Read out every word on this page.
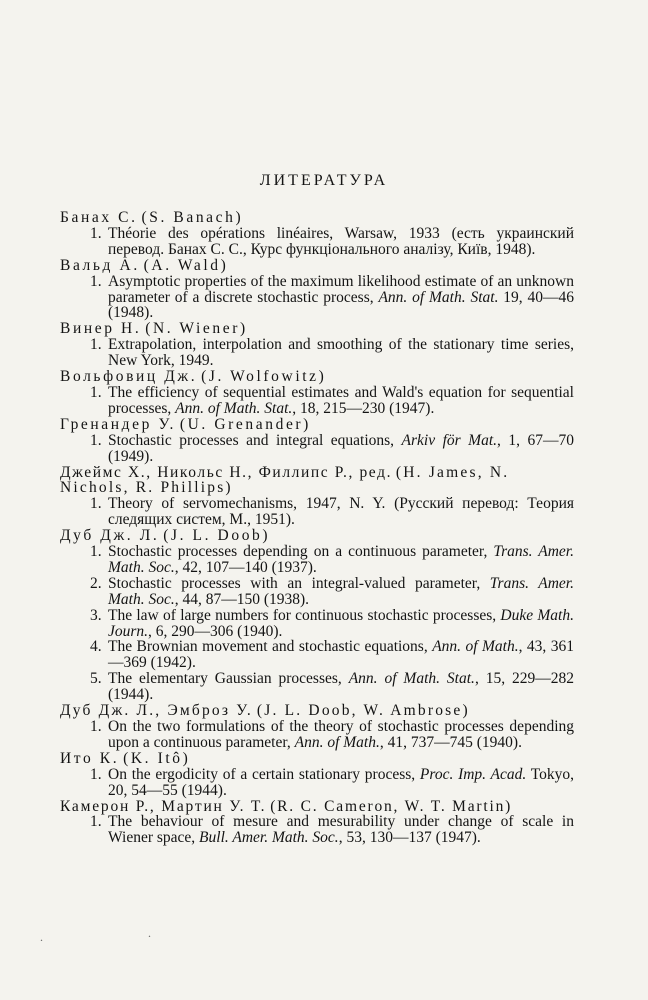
ЛИТЕРАТУРА
Банах С. (S. Banach)
1. Théorie des opérations linéaires, Warsaw, 1933 (есть украинский перевод. Банах С. С., Курс функцiонального аналiзу, Київ, 1948).
Вальд А. (A. Wald)
1. Asymptotic properties of the maximum likelihood estimate of an unknown parameter of a discrete stochastic process, Ann. of Math. Stat. 19, 40—46 (1948).
Винер Н. (N. Wiener)
1. Extrapolation, interpolation and smoothing of the stationary time series, New York, 1949.
Вольфовиц Дж. (J. Wolfowitz)
1. The efficiency of sequential estimates and Wald's equation for sequential processes, Ann. of Math. Stat., 18, 215—230 (1947).
Гренандер У. (U. Grenander)
1. Stochastic processes and integral equations, Arkiv för Mat., 1, 67—70 (1949).
Джеймс Х., Никольс Н., Филлипс Р., ред. (H. James, N. Nichols, R. Phillips)
1. Theory of servomechanisms, 1947, N. Y. (Русский перевод: Теория следящих систем, М., 1951).
Дуб Дж. Л. (J. L. Doob)
1. Stochastic processes depending on a continuous parameter, Trans. Amer. Math. Soc., 42, 107—140 (1937).
2. Stochastic processes with an integral-valued parameter, Trans. Amer. Math. Soc., 44, 87—150 (1938).
3. The law of large numbers for continuous stochastic processes, Duke Math. Journ., 6, 290—306 (1940).
4. The Brownian movement and stochastic equations, Ann. of Math., 43, 361—369 (1942).
5. The elementary Gaussian processes, Ann. of Math. Stat., 15, 229—282 (1944).
Дуб Дж. Л., Эмброз У. (J. L. Doob, W. Ambrose)
1. On the two formulations of the theory of stochastic processes depending upon a continuous parameter, Ann. of Math., 41, 737—745 (1940).
Ито К. (K. Itô)
1. On the ergodicity of a certain stationary process, Proc. Imp. Acad. Tokyo, 20, 54—55 (1944).
Камерон Р., Мартин У. Т. (R. C. Cameron, W. T. Martin)
1. The behaviour of mesure and mesurability under change of scale in Wiener space, Bull. Amer. Math. Soc., 53, 130—137 (1947).
.	.
